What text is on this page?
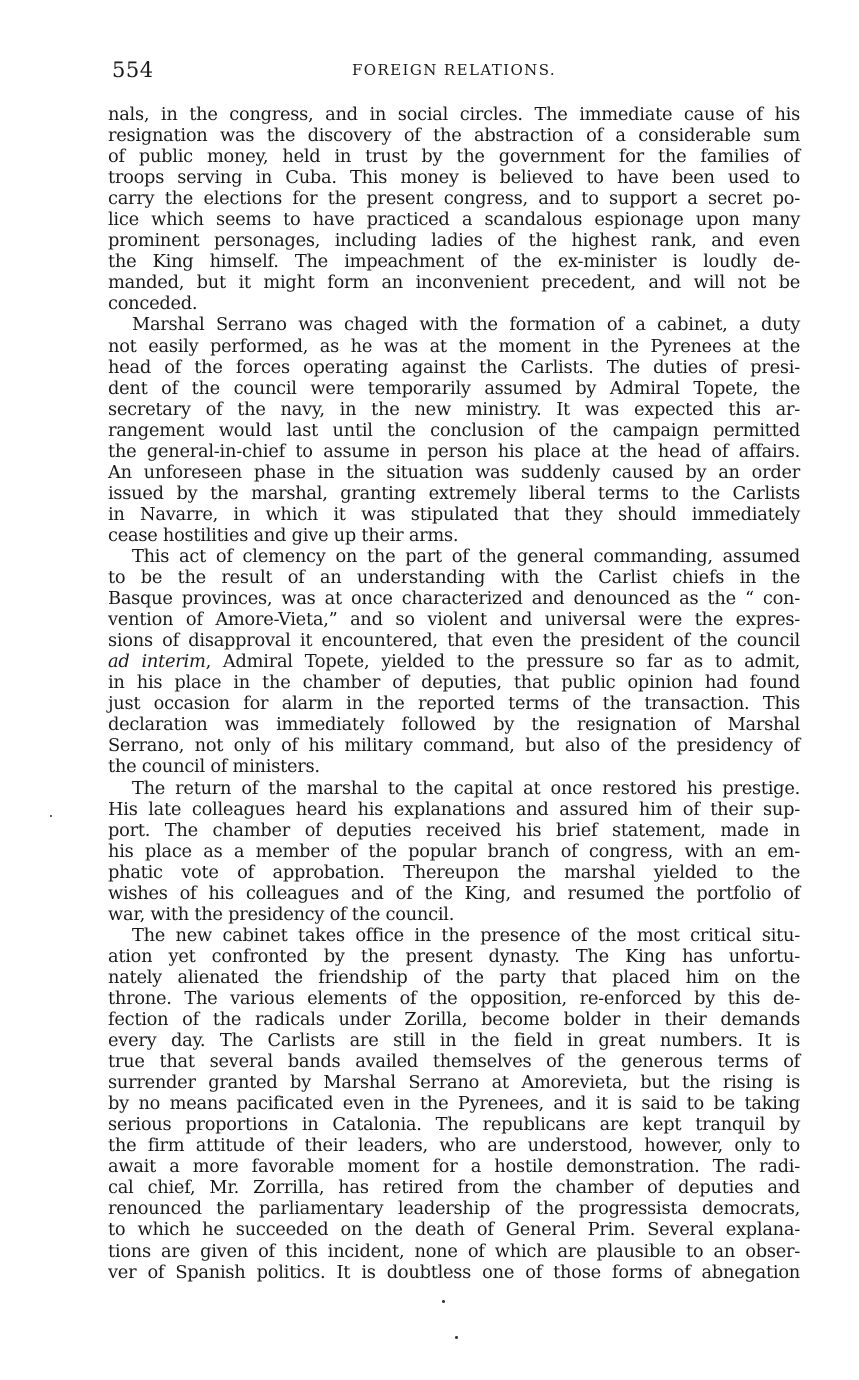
554	FOREIGN RELATIONS.
nals, in the congress, and in social circles. The immediate cause of his
resignation was the discovery of the abstraction of a considerable sum
of public money, held in trust by the government for the families of
troops serving in Cuba. This money is believed to have been used to
carry the elections for the present congress, and to support a secret po-
lice which seems to have practiced a scandalous espionage upon many
prominent personages, including ladies of the highest rank, and even
the King himself. The impeachment of the ex-minister is loudly de-
manded, but it might form an inconvenient precedent, and will not be
conceded.
Marshal Serrano was chaged with the formation of a cabinet, a duty
not easily performed, as he was at the moment in the Pyrenees at the
head of the forces operating against the Carlists. The duties of presi-
dent of the council were temporarily assumed by Admiral Topete, the
secretary of the navy, in the new ministry. It was expected this ar-
rangement would last until the conclusion of the campaign permitted
the general-in-chief to assume in person his place at the head of affairs.
An unforeseen phase in the situation was suddenly caused by an order
issued by the marshal, granting extremely liberal terms to the Carlists
in Navarre, in which it was stipulated that they should immediately
cease hostilities and give up their arms.
This act of clemency on the part of the general commanding, assumed
to be the result of an understanding with the Carlist chiefs in the
Basque provinces, was at once characterized and denounced as the “ con-
vention of Amore-Vieta,” and so violent and universal were the expres-
sions of disapproval it encountered, that even the president of the council
ad interim, Admiral Topete, yielded to the pressure so far as to admit,
in his place in the chamber of deputies, that public opinion had found
just occasion for alarm in the reported terms of the transaction. This
declaration was immediately followed by the resignation of Marshal
Serrano, not only of his military command, but also of the presidency of
the council of ministers.
The return of the marshal to the capital at once restored his prestige.
His late colleagues heard his explanations and assured him of their sup-
port. The chamber of deputies received his brief statement, made in
his place as a member of the popular branch of congress, with an em-
phatic vote of approbation. Thereupon the marshal yielded to the
wishes of his colleagues and of the King, and resumed the portfolio of
war, with the presidency of the council.
The new cabinet takes office in the presence of the most critical situ-
ation yet confronted by the present dynasty. The King has unfortu-
nately alienated the friendship of the party that placed him on the
throne. The various elements of the opposition, re-enforced by this de-
fection of the radicals under Zorilla, become bolder in their demands
every day. The Carlists are still in the field in great numbers. It is
true that several bands availed themselves of the generous terms of
surrender granted by Marshal Serrano at Amorevieta, but the rising is
by no means pacificated even in the Pyrenees, and it is said to be taking
serious proportions in Catalonia. The republicans are kept tranquil by
the firm attitude of their leaders, who are understood, however, only to
await a more favorable moment for a hostile demonstration. The radi-
cal chief, Mr. Zorrilla, has retired from the chamber of deputies and
renounced the parliamentary leadership of the progressista democrats,
to which he succeeded on the death of General Prim. Several explana-
tions are given of this incident, none of which are plausible to an obser-
ver of Spanish politics. It is doubtless one of those forms of abnegation
